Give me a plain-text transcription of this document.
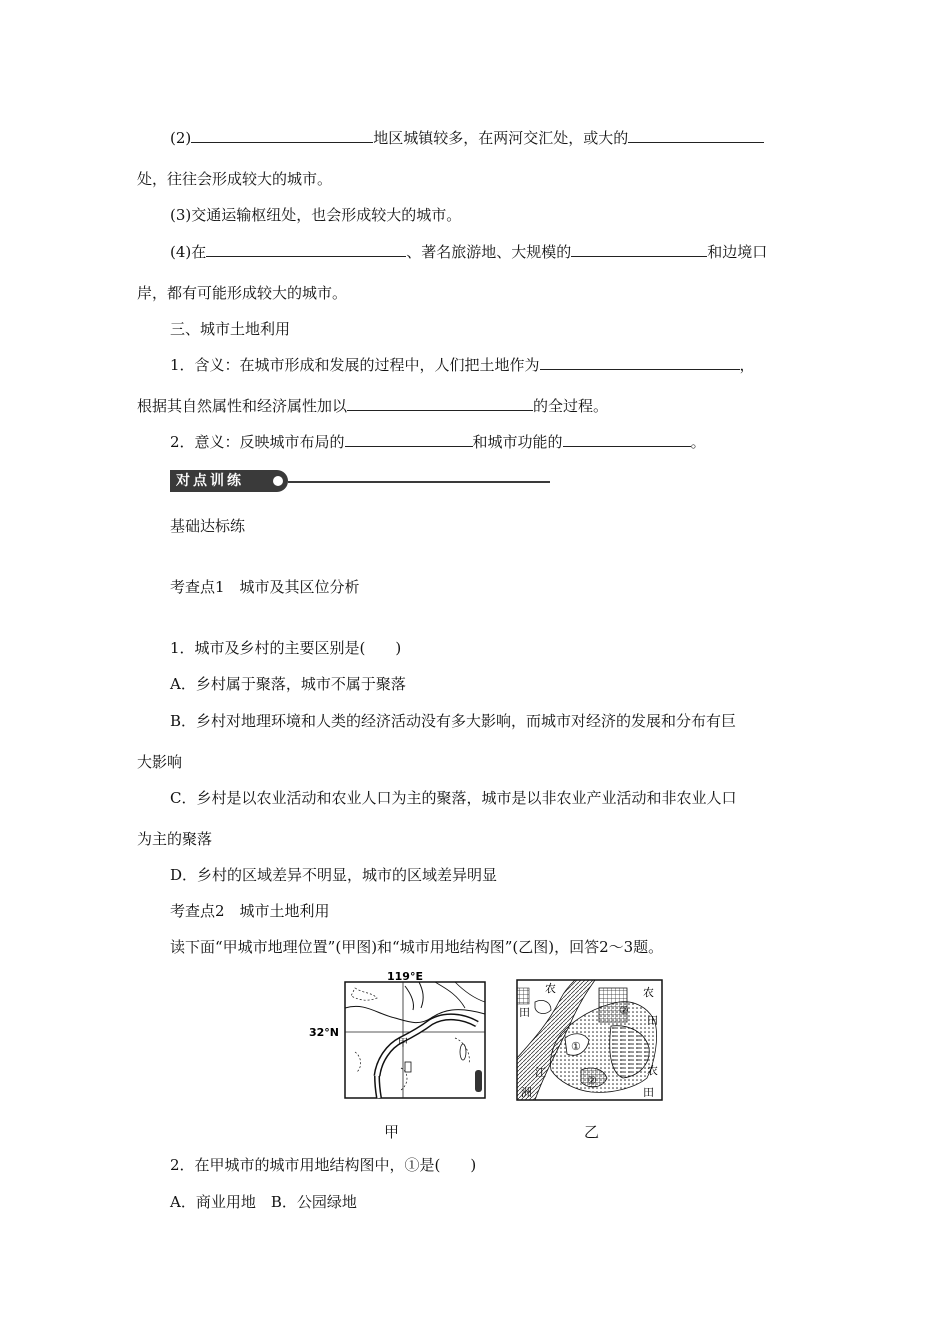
(2)	地区城镇较多，在两河交汇处，或大的
处，往往会形成较大的城市。
(3)交通运输枢纽处，也会形成较大的城市。
(4)在	、著名旅游地、大规模的	和边境口
岸，都有可能形成较大的城市。
三、城市土地利用
1．含义：在城市形成和发展的过程中，人们把土地作为	，
根据其自然属性和经济属性加以	的全过程。
2．意义：反映城市布局的	和城市功能的	。
对点训练
基础达标练
考查点1　城市及其区位分析
1．城市及乡村的主要区别是(　　)
A．乡村属于聚落，城市不属于聚落
B．乡村对地理环境和人类的经济活动没有多大影响，而城市对经济的发展和分布有巨
大影响
C．乡村是以农业活动和农业人口为主的聚落，城市是以非农业产业活动和非农业人口
为主的聚落
D．乡村的区域差异不明显，城市的区域差异明显
考查点2　城市土地利用
读下面“甲城市地理位置”(甲图)和“城市用地结构图”(乙图)，回答2～3题。
119°E
32°N
甲
甲
农
田
农
田
农
田
江
洲
①
②
②
乙
2．在甲城市的城市用地结构图中，①是(　　)
A．商业用地　B．公园绿地
